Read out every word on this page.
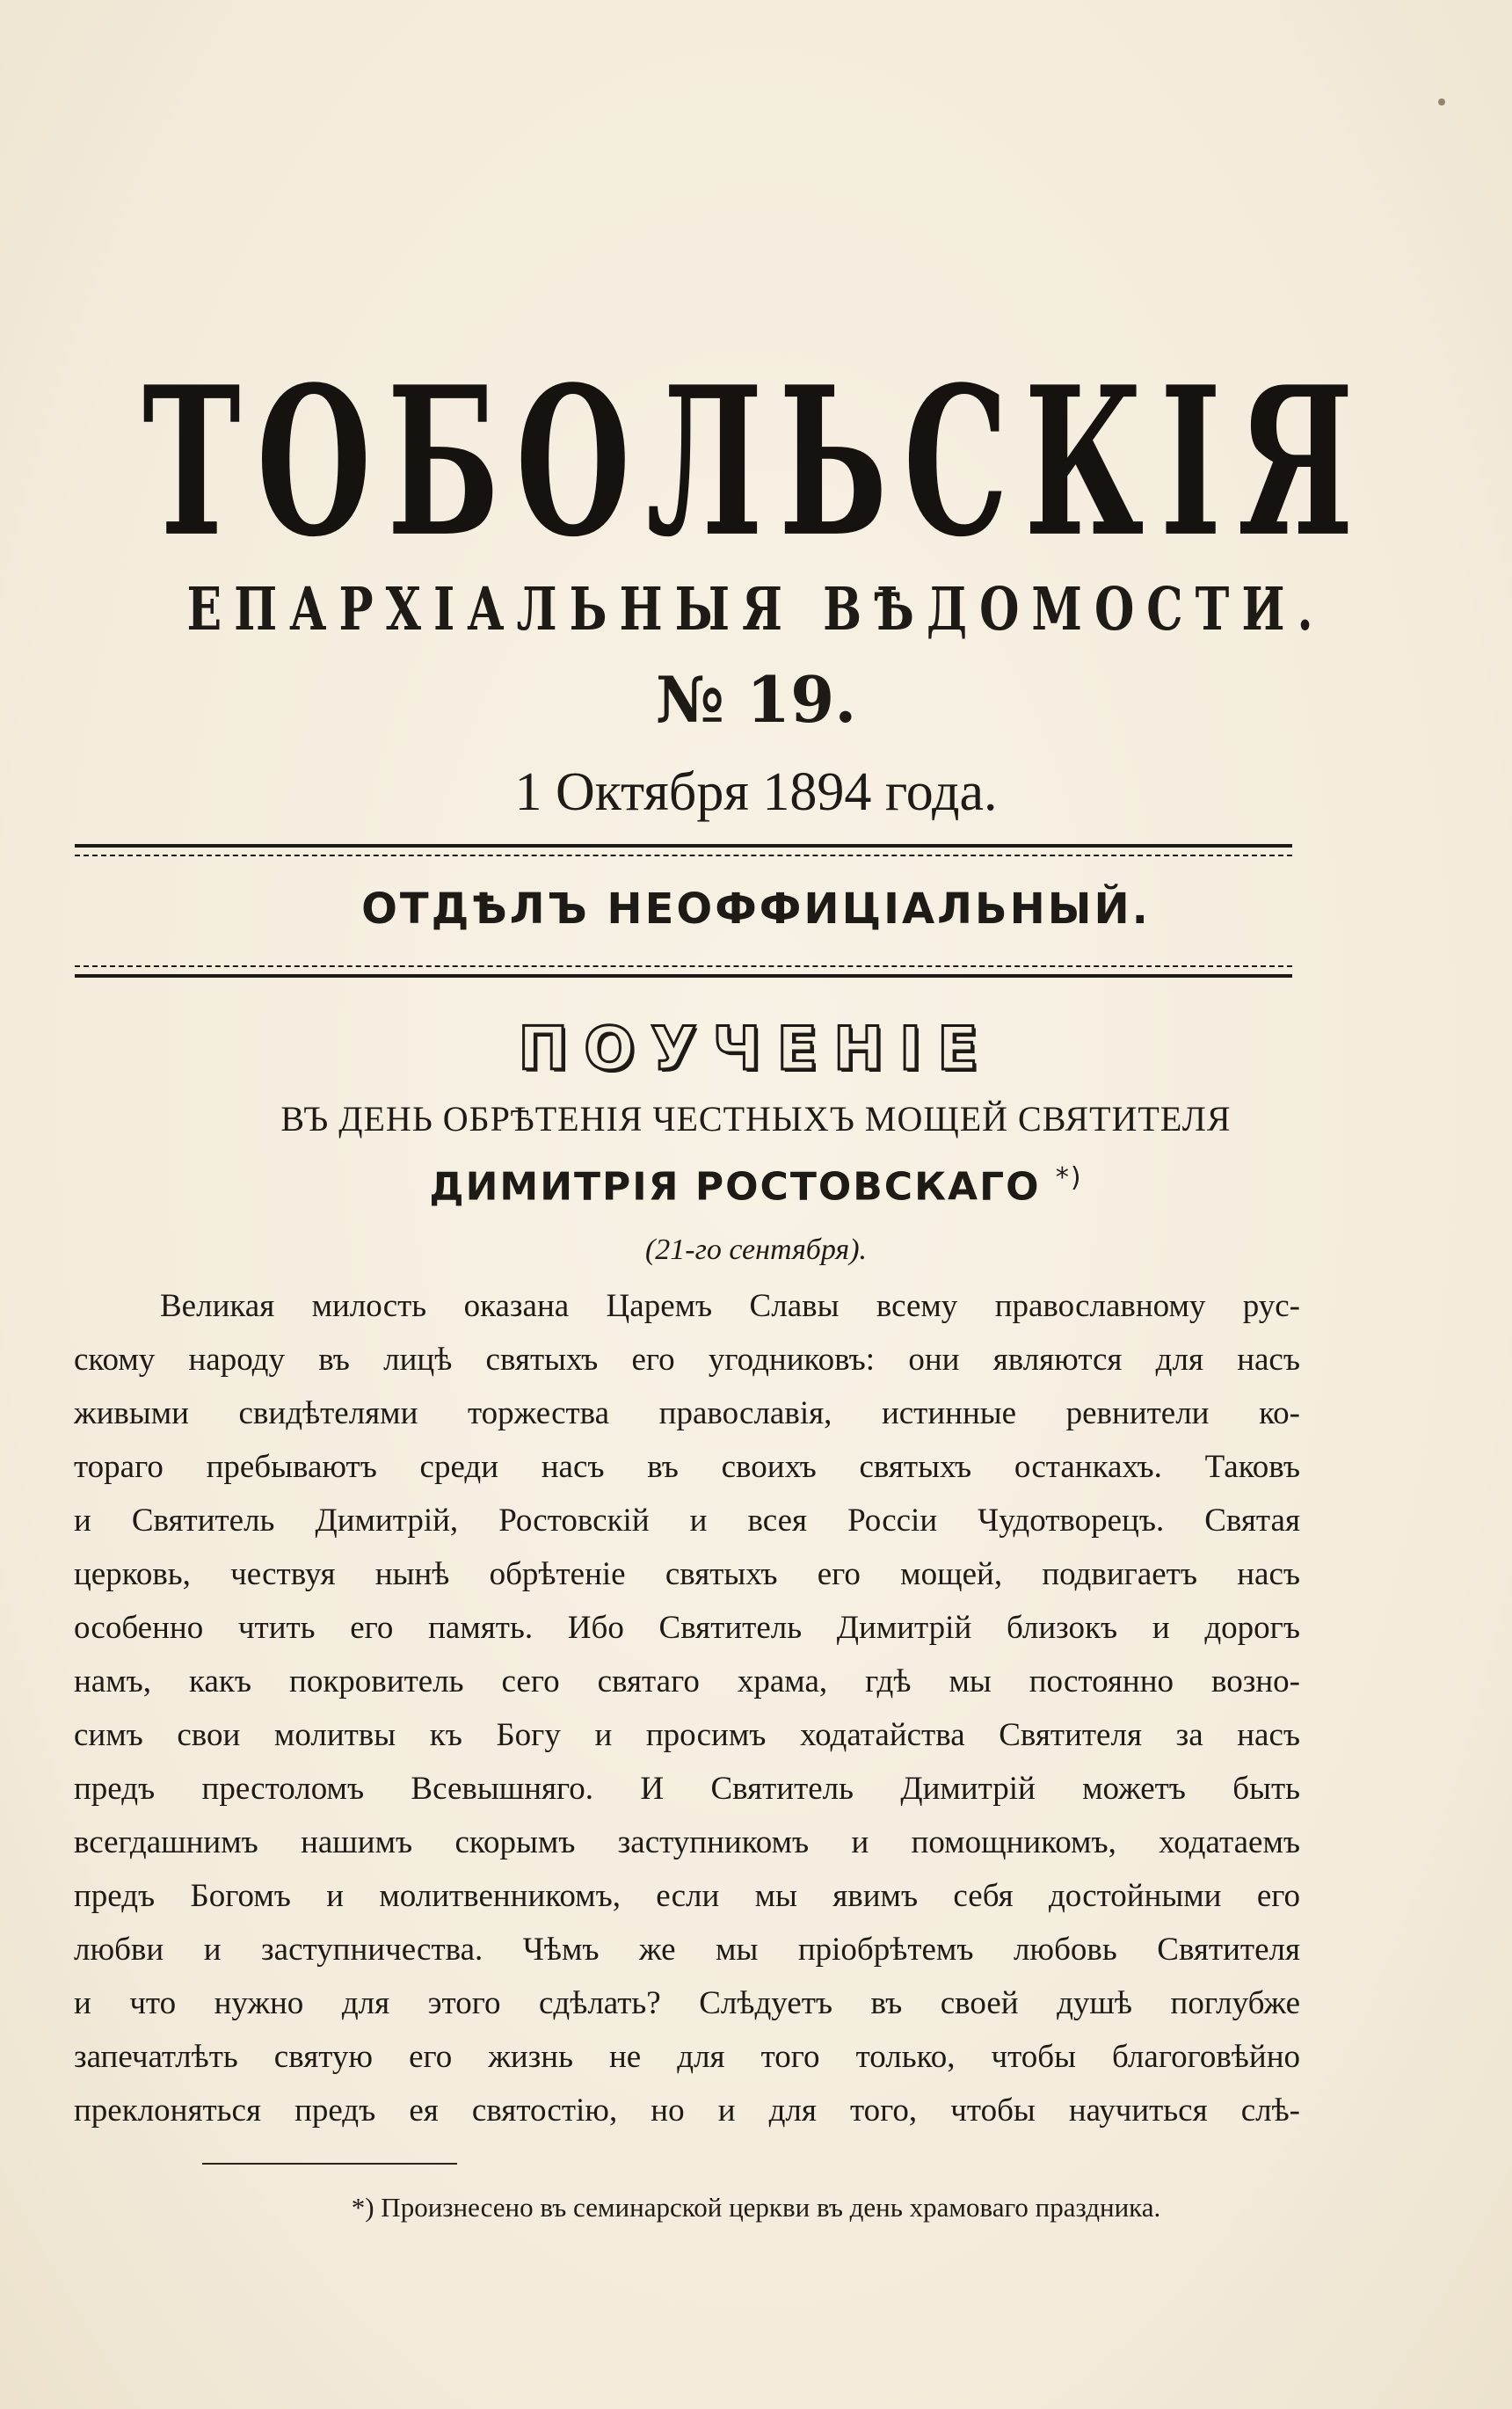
ТОБОЛЬСКІЯ
ЕПАРХІАЛЬНЫЯ ВѢДОМОСТИ.
№ 19.
1 Октября 1894 года.
ОТДѢЛЪ НЕОФФИЦІАЛЬНЫЙ.
ПОУЧЕНІЕ
ВЪ ДЕНЬ ОБРѢТЕНІЯ ЧЕСТНЫХЪ МОЩЕЙ СВЯТИТЕЛЯ
ДИМИТРІЯ РОСТОВСКАГО *)
(21-го сентября).
Великая милость оказана Царемъ Славы всему православному рус-
скому народу въ лицѣ святыхъ его угодниковъ: они являются для насъ
живыми свидѣтелями торжества православія, истинные ревнители ко-
тораго пребываютъ среди насъ въ своихъ святыхъ останкахъ. Таковъ
и Святитель Димитрій, Ростовскій и всея Россіи Чудотворецъ. Святая
церковь, чествуя нынѣ обрѣтеніе святыхъ его мощей, подвигаетъ насъ
особенно чтить его память. Ибо Святитель Димитрій близокъ и дорогъ
намъ, какъ покровитель сего святаго храма, гдѣ мы постоянно возно-
симъ свои молитвы къ Богу и просимъ ходатайства Святителя за насъ
предъ престоломъ Всевышняго. И Святитель Димитрій можетъ быть
всегдашнимъ нашимъ скорымъ заступникомъ и помощникомъ, ходатаемъ
предъ Богомъ и молитвенникомъ, если мы явимъ себя достойными его
любви и заступничества. Чѣмъ же мы пріобрѣтемъ любовь Святителя
и что нужно для этого сдѣлать? Слѣдуетъ въ своей душѣ поглубже
запечатлѣть святую его жизнь не для того только, чтобы благоговѣйно
преклоняться предъ ея святостію, но и для того, чтобы научиться слѣ-
*) Произнесено въ семинарской церкви въ день храмоваго праздника.
